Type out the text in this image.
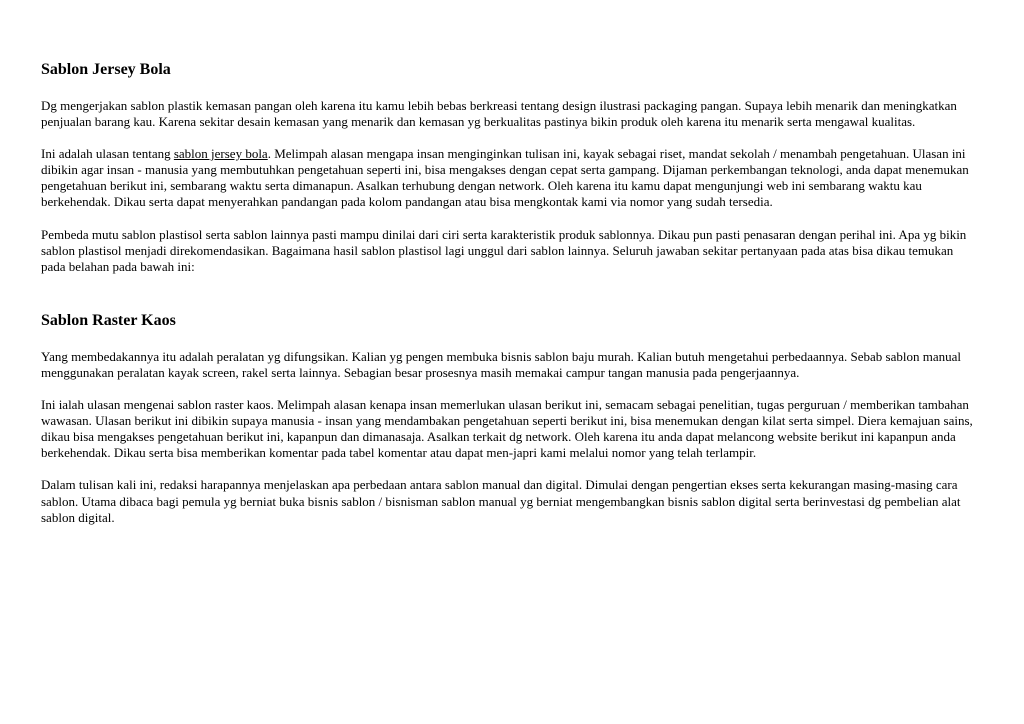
Sablon Jersey Bola

Dg mengerjakan sablon plastik kemasan pangan oleh karena itu kamu lebih bebas berkreasi tentang design ilustrasi packaging pangan. Supaya lebih menarik dan meningkatkan penjualan barang kau. Karena sekitar desain kemasan yang menarik dan kemasan yg berkualitas pastinya bikin produk oleh karena itu menarik serta mengawal kualitas.

Ini adalah ulasan tentang sablon jersey bola. Melimpah alasan mengapa insan menginginkan tulisan ini, kayak sebagai riset, mandat sekolah / menambah pengetahuan. Ulasan ini dibikin agar insan - manusia yang membutuhkan pengetahuan seperti ini, bisa mengakses dengan cepat serta gampang. Dijaman perkembangan teknologi, anda dapat menemukan pengetahuan berikut ini, sembarang waktu serta dimanapun. Asalkan terhubung dengan network. Oleh karena itu kamu dapat mengunjungi web ini sembarang waktu kau berkehendak. Dikau serta dapat menyerahkan pandangan pada kolom pandangan atau bisa mengkontak kami via nomor yang sudah tersedia.

Pembeda mutu sablon plastisol serta sablon lainnya pasti mampu dinilai dari ciri serta karakteristik produk sablonnya. Dikau pun pasti penasaran dengan perihal ini. Apa yg bikin sablon plastisol menjadi direkomendasikan. Bagaimana hasil sablon plastisol lagi unggul dari sablon lainnya. Seluruh jawaban sekitar pertanyaan pada atas bisa dikau temukan pada belahan pada bawah ini:

Sablon Raster Kaos

Yang membedakannya itu adalah peralatan yg difungsikan. Kalian yg pengen membuka bisnis sablon baju murah. Kalian butuh mengetahui perbedaannya. Sebab sablon manual menggunakan peralatan kayak screen, rakel serta lainnya. Sebagian besar prosesnya masih memakai campur tangan manusia pada pengerjaannya.

Ini ialah ulasan mengenai sablon raster kaos. Melimpah alasan kenapa insan memerlukan ulasan berikut ini, semacam sebagai penelitian, tugas perguruan / memberikan tambahan wawasan. Ulasan berikut ini dibikin supaya manusia - insan yang mendambakan pengetahuan seperti berikut ini, bisa menemukan dengan kilat serta simpel. Diera kemajuan sains, dikau bisa mengakses pengetahuan berikut ini, kapanpun dan dimanasaja. Asalkan terkait dg network. Oleh karena itu anda dapat melancong website berikut ini kapanpun anda berkehendak. Dikau serta bisa memberikan komentar pada tabel komentar atau dapat men-japri kami melalui nomor yang telah terlampir.

Dalam tulisan kali ini, redaksi harapannya menjelaskan apa perbedaan antara sablon manual dan digital. Dimulai dengan pengertian ekses serta kekurangan masing-masing cara sablon. Utama dibaca bagi pemula yg berniat buka bisnis sablon / bisnisman sablon manual yg berniat mengembangkan bisnis sablon digital serta berinvestasi dg pembelian alat sablon digital.
